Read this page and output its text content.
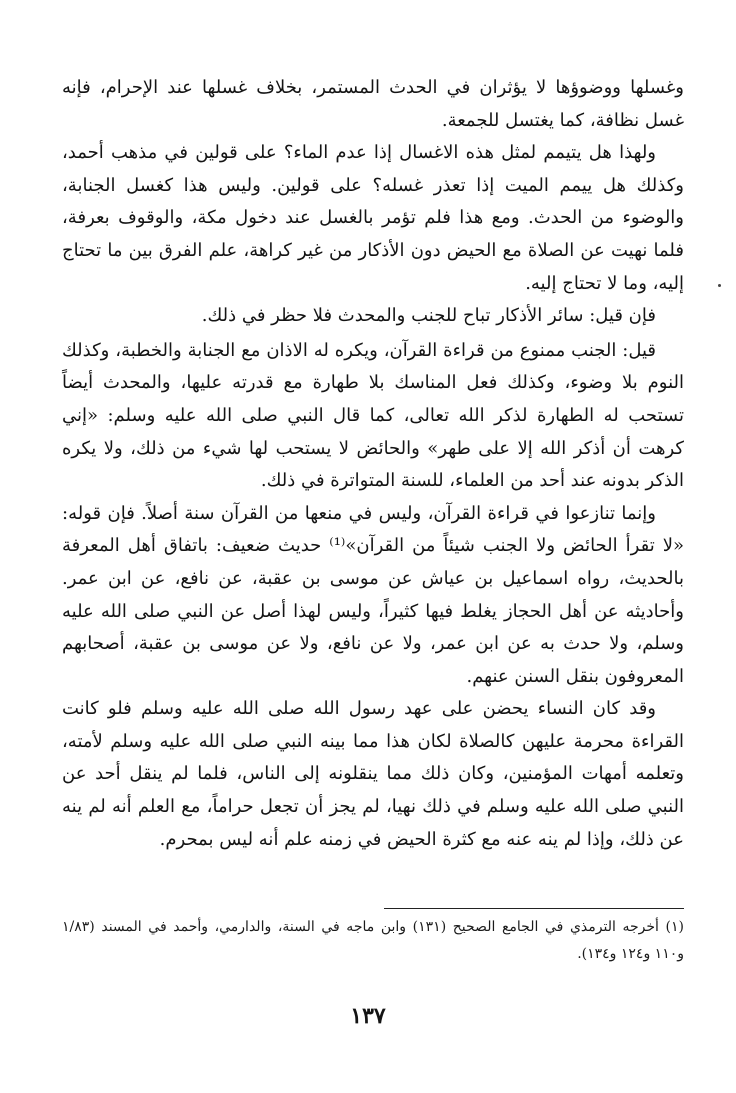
وغسلها ووضوؤها لا يؤثران في الحدث المستمر، بخلاف غسلها عند الإحرام، فإنه غسل نظافة، كما يغتسل للجمعة.

ولهذا هل يتيمم لمثل هذه الاغسال إذا عدم الماء؟ على قولين في مذهب أحمد، وكذلك هل ييمم الميت إذا تعذر غسله؟ على قولين. وليس هذا كغسل الجنابة، والوضوء من الحدث. ومع هذا فلم تؤمر بالغسل عند دخول مكة، والوقوف بعرفة، فلما نهيت عن الصلاة مع الحيض دون الأذكار من غير كراهة، علم الفرق بين ما تحتاج إليه، وما لا تحتاج إليه.

فإن قيل: سائر الأذكار تباح للجنب والمحدث فلا حظر في ذلك.

قيل: الجنب ممنوع من قراءة القرآن، ويكره له الاذان مع الجنابة والخطبة، وكذلك النوم بلا وضوء، وكذلك فعل المناسك بلا طهارة مع قدرته عليها، والمحدث أيضاً تستحب له الطهارة لذكر الله تعالى، كما قال النبي صلى الله عليه وسلم: «إني كرهت أن أذكر الله إلا على طهر» والحائض لا يستحب لها شيء من ذلك، ولا يكره الذكر بدونه عند أحد من العلماء، للسنة المتواترة في ذلك.

وإنما تنازعوا في قراءة القرآن، وليس في منعها من القرآن سنة أصلاً. فإن قوله: «لا تقرأ الحائض ولا الجنب شيئاً من القرآن»⁽¹⁾ حديث ضعيف: باتفاق أهل المعرفة بالحديث، رواه اسماعيل بن عياش عن موسى بن عقبة، عن نافع، عن ابن عمر. وأحاديثه عن أهل الحجاز يغلط فيها كثيراً، وليس لهذا أصل عن النبي صلى الله عليه وسلم، ولا حدث به عن ابن عمر، ولا عن نافع، ولا عن موسى بن عقبة، أصحابهم المعروفون بنقل السنن عنهم.

وقد كان النساء يحضن على عهد رسول الله صلى الله عليه وسلم فلو كانت القراءة محرمة عليهن كالصلاة لكان هذا مما بينه النبي صلى الله عليه وسلم لأمته، وتعلمه أمهات المؤمنين، وكان ذلك مما ينقلونه إلى الناس، فلما لم ينقل أحد عن النبي صلى الله عليه وسلم في ذلك نهيا، لم يجز أن تجعل حراماً، مع العلم أنه لم ينه عن ذلك، وإذا لم ينه عنه مع كثرة الحيض في زمنه علم أنه ليس بمحرم.

(١) أخرجه الترمذي في الجامع الصحيح (١٣١) وابن ماجه في السنة، والدارمي، وأحمد في المسند (١/٨٣ و١١٠ و١٢٤ و١٣٤).
١٣٧
